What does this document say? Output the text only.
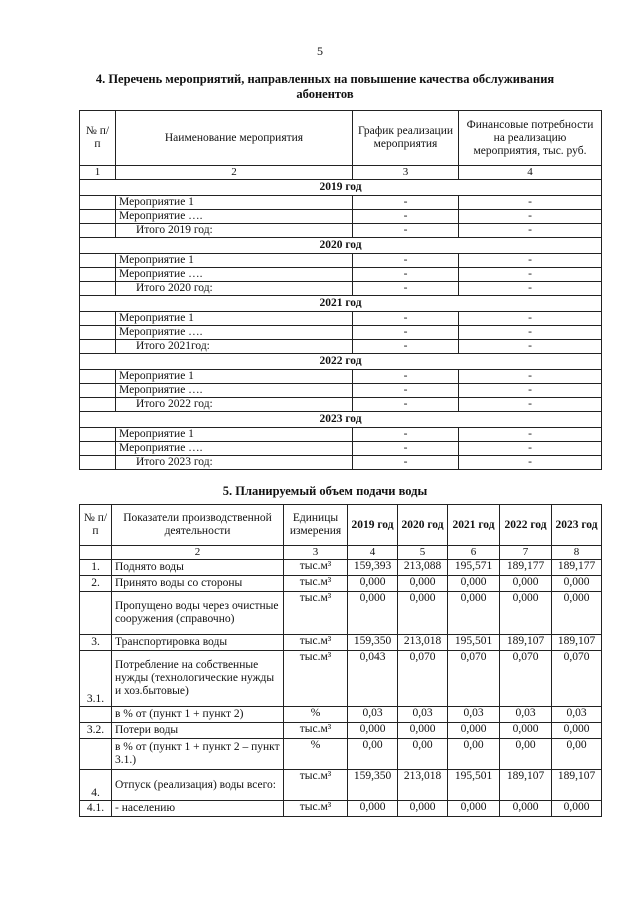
5
4. Перечень мероприятий, направленных на повышение качества обслуживания абонентов
№ п/п	Наименование мероприятия	График реализации мероприятия	Финансовые потребности на реализацию мероприятия, тыс. руб.
1	2	3	4
2019 год			
	Мероприятие 1	-	-
	Мероприятие ….	-	-
	Итого 2019 год:	-	-
2020 год			
	Мероприятие 1	-	-
	Мероприятие ….	-	-
	Итого 2020 год:	-	-
2021 год			
	Мероприятие 1	-	-
	Мероприятие ….	-	-
	Итого 2021год:	-	-
2022 год			
	Мероприятие 1	-	-
	Мероприятие ….	-	-
	Итого 2022 год:	-	-
2023 год			
	Мероприятие 1	-	-
	Мероприятие ….	-	-
	Итого 2023 год:	-	-
5. Планируемый объем подачи воды
№ п/п	Показатели производственной деятельности	Единицы измерения	2019 год	2020 год	2021 год	2022 год	2023 год
	2	3	4	5	6	7	8
1.	Поднято воды	тыс.м³	159,393	213,088	195,571	189,177	189,177
2.	Принято воды со стороны	тыс.м³	0,000	0,000	0,000	0,000	0,000
	Пропущено воды через очистные сооружения (справочно)	тыс.м³	0,000	0,000	0,000	0,000	0,000
3.	Транспортировка воды	тыс.м³	159,350	213,018	195,501	189,107	189,107
3.1.	Потребление на собственные нужды (технологические нужды и хоз.бытовые)	тыс.м³	0,043	0,070	0,070	0,070	0,070
	в % от (пункт 1 + пункт 2)	%	0,03	0,03	0,03	0,03	0,03
3.2.	Потери воды	тыс.м³	0,000	0,000	0,000	0,000	0,000
	в % от (пункт 1 + пункт 2 – пункт 3.1.)	%	0,00	0,00	0,00	0,00	0,00
4.	Отпуск (реализация) воды всего:	тыс.м³	159,350	213,018	195,501	189,107	189,107
4.1.	- населению	тыс.м³	0,000	0,000	0,000	0,000	0,000
